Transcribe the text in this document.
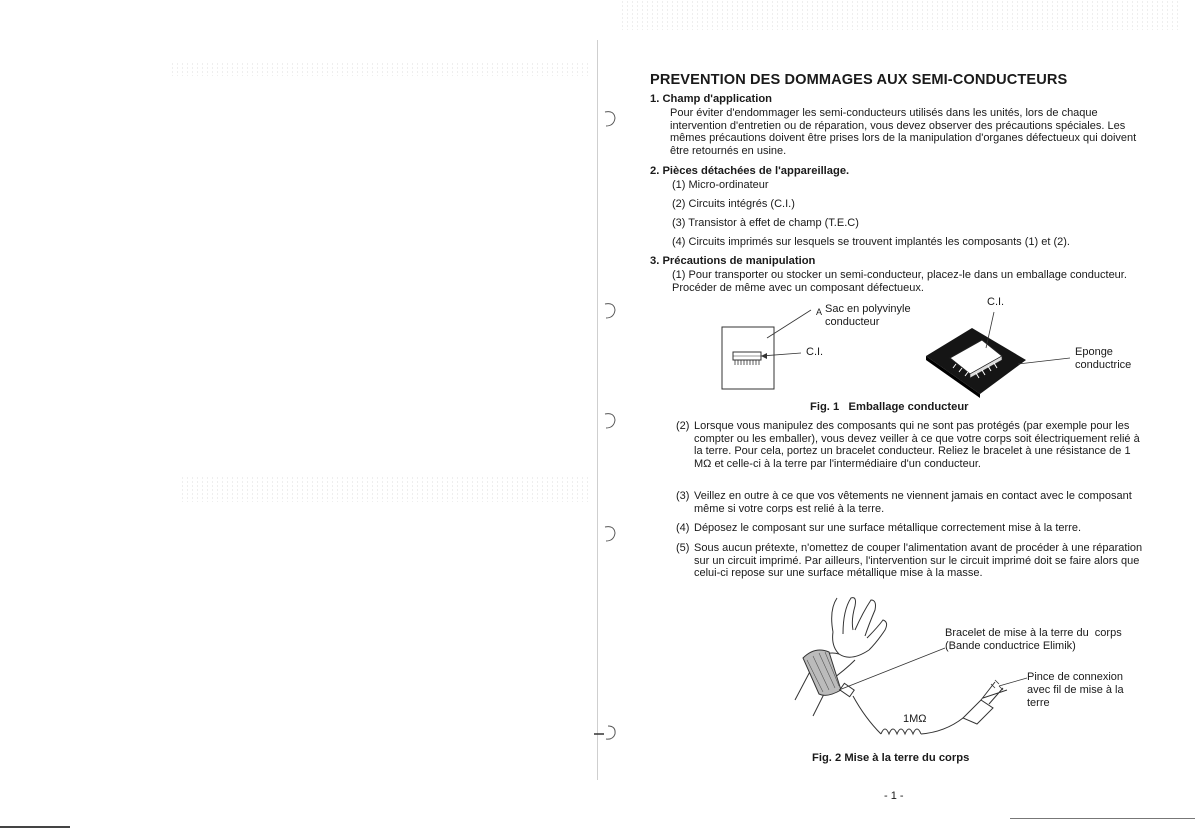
PREVENTION DES DOMMAGES AUX SEMI-CONDUCTEURS
1. Champ d'application
Pour éviter d'endommager les semi-conducteurs utilisés dans les unités, lors de chaque intervention d'entretien ou de réparation, vous devez observer des précautions spéciales. Les mêmes précautions doivent être prises lors de la manipulation d'organes défectueux qui doivent être retournés en usine.
2. Pièces détachées de l'appareillage.
(1) Micro-ordinateur
(2) Circuits intégrés (C.I.)
(3) Transistor à effet de champ (T.E.C)
(4) Circuits imprimés sur lesquels se trouvent implantés les composants (1) et (2).
3. Précautions de manipulation
(1) Pour transporter ou stocker un semi-conducteur, placez-le dans un emballage conducteur. Procéder de même avec un composant défectueux.
A Sac en polyvinyle
conducteur
C.I.
C.I.
Eponge
conductrice
Fig. 1   Emballage conducteur
(2) Lorsque vous manipulez des composants qui ne sont pas protégés (par exemple pour les compter ou les emballer), vous devez veiller à ce que votre corps soit électriquement relié à la terre. Pour cela, portez un bracelet conducteur. Reliez le bracelet à une résistance de 1 MΩ et celle-ci à la terre par l'intermédiaire d'un conducteur.
(3) Veillez en outre à ce que vos vêtements ne viennent jamais en contact avec le composant même si votre corps est relié à la terre.
(4) Déposez le composant sur une surface métallique correctement mise à la terre.
(5) Sous aucun prétexte, n'omettez de couper l'alimentation avant de procéder à une réparation sur un circuit imprimé. Par ailleurs, l'intervention sur le circuit imprimé doit se faire alors que celui-ci repose sur une surface métallique mise à la masse.
Bracelet de mise à la terre du  corps
(Bande conductrice Elimik)
Pince de connexion
avec fil de mise à la
terre
1MΩ
Fig. 2 Mise à la terre du corps
- 1 -
